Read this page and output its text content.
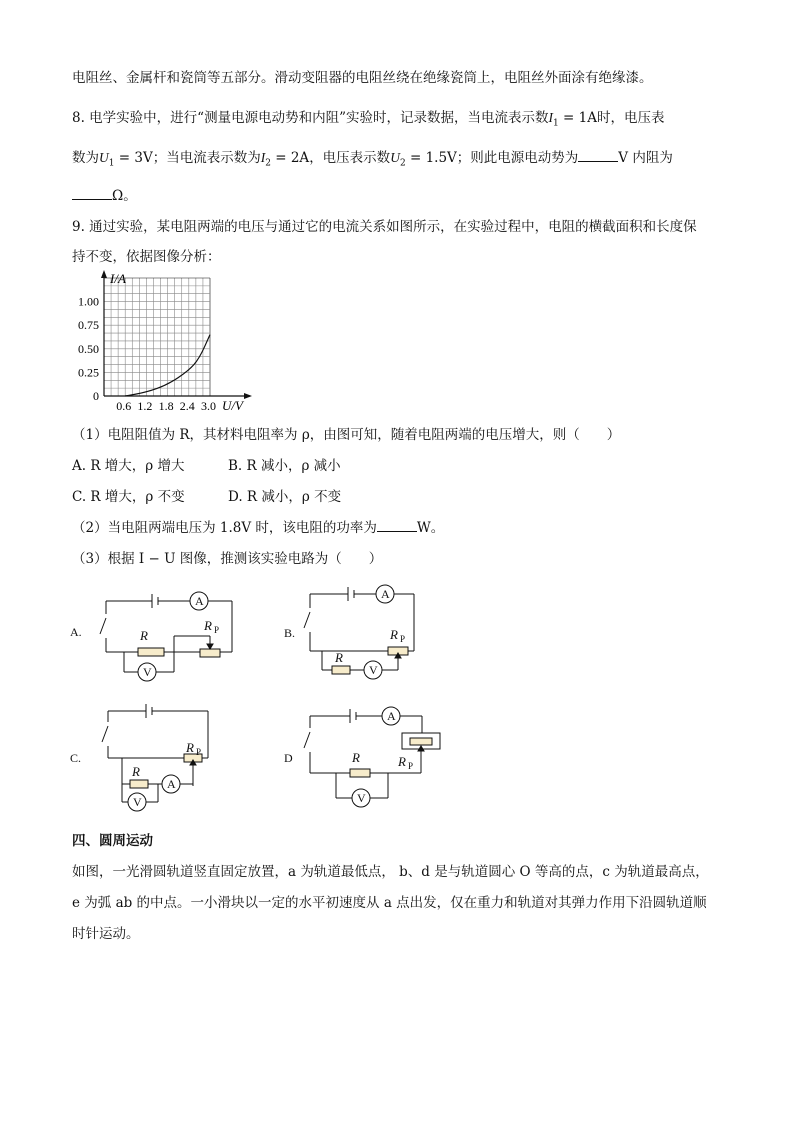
电阻丝、金属杆和瓷筒等五部分。滑动变阻器的电阻丝绕在绝缘瓷筒上，电阻丝外面涂有绝缘漆。
8. 电学实验中，进行“测量电源电动势和内阻”实验时，记录数据，当电流表示数$I_1 = 1A$时，电压表
数为$U_1 = 3V$；当电流表示数为$I_2 = 2A$，电压表示数$U_2 = 1.5V$；则此电源电动势为	V 内阻为
Ω。
9. 通过实验，某电阻两端的电压与通过它的电流关系如图所示，在实验过程中，电阻的横截面积和长度保
持不变，依据图像分析：
I/A
U/V
0.6 1.2 1.8 2.4 3.0
0
0.25
0.50
0.75
1.00
（1）电阻阻值为 R，其材料电阻率为 ρ，由图可知，随着电阻两端的电压增大，则（　　）
A. R 增大，ρ 增大	B. R 减小，ρ 减小
C. R 增大，ρ 不变	D. R 减小，ρ 不变
（2）当电阻两端电压为 1.8V 时，该电阻的功率为	W。
（3）根据 I − U 图像，推测该实验电路为（　　）
A.	B.
C.	D
A
V
A
V
A
V
A
V
R
R P
R
R P
R
R P	R	R P
四、圆周运动
如图，一光滑圆轨道竖直固定放置，a 为轨道最低点， b、d 是与轨道圆心 O 等高的点，c 为轨道最高点，
e 为弧 ab 的中点。一小滑块以一定的水平初速度从 a 点出发，仅在重力和轨道对其弹力作用下沿圆轨道顺
时针运动。
